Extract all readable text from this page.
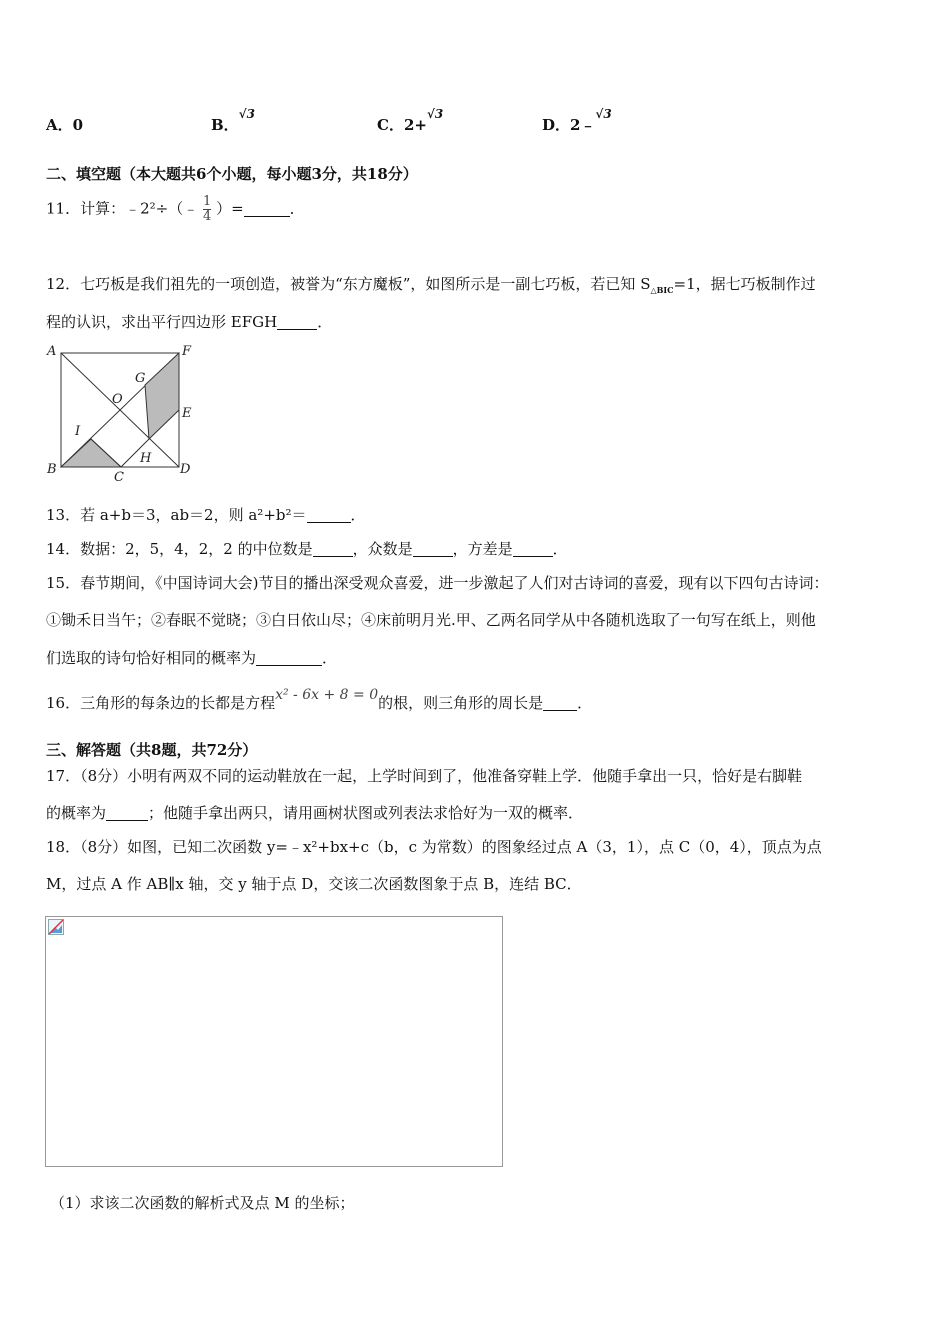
A．0	B．$^{√3}$
C．2+$^{√3}$
D．2﹣$^{√3}$
二、填空题（本大题共6个小题，每小题3分，共18分）
11．计算：﹣2²÷（﹣ $\frac{1}{4}$ ）=	．
12．七巧板是我们祖先的一项创造，被誉为“东方魔板”，如图所示是一副七巧板，若已知 $S_{\triangle BIC}=1$，据七巧板制作过
程的认识，求出平行四边形 EFGH	．
A	F
G
O
E
I
H
B
C
D
13．若 a+b＝3，ab＝2，则 a²+b²＝	．
14．数据：2，5，4，2，2 的中位数是	，众数是	，方差是	．
15．春节期间，《中国诗词大会)节目的播出深受观众喜爱，进一步激起了人们对古诗词的喜爱，现有以下四句古诗词：
①锄禾日当午；②春眠不觉晓；③白日依山尽；④床前明月光.甲、乙两名同学从中各随机选取了一句写在纸上，则他
们选取的诗句恰好相同的概率为	．
16．三角形的每条边的长都是方程x² - 6x + 8 = 0的根，则三角形的周长是 ．
三、解答题（共8题，共72分）
17．（8分）小明有两双不同的运动鞋放在一起，上学时间到了，他准备穿鞋上学．他随手拿出一只，恰好是右脚鞋
的概率为	；他随手拿出两只，请用画树状图或列表法求恰好为一双的概率．
18．（8分）如图，已知二次函数 y=﹣x²+bx+c（b，c 为常数）的图象经过点 A（3，1），点 C（0，4），顶点为点
M，过点 A 作 AB∥x 轴，交 y 轴于点 D，交该二次函数图象于点 B，连结 BC．
（1）求该二次函数的解析式及点 M 的坐标；
